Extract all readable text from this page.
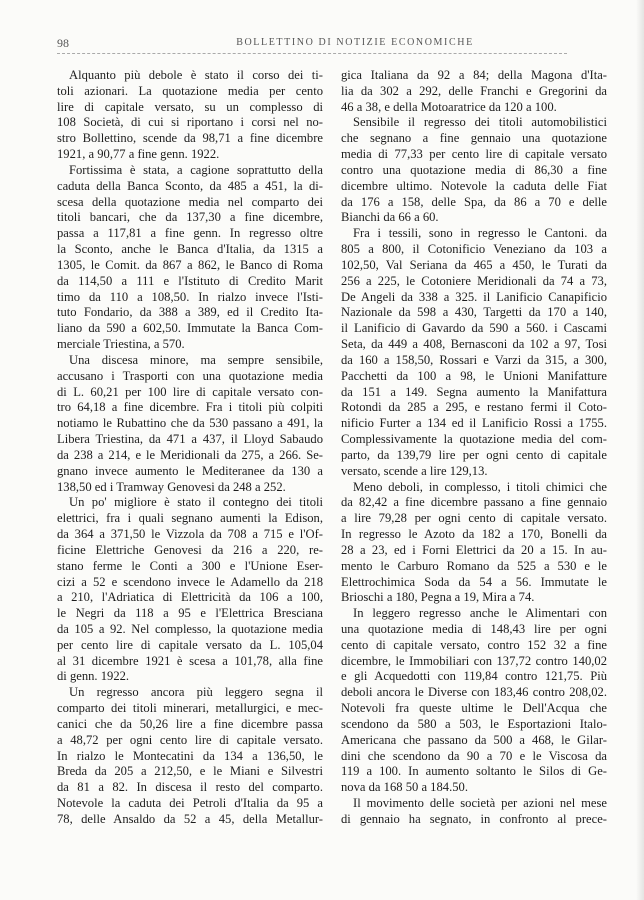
98	BOLLETTINO DI NOTIZIE ECONOMICHE
Alquanto più debole è stato il corso dei ti-
toli azionari. La quotazione media per cento
lire di capitale versato, su un complesso di
108 Società, di cui si riportano i corsi nel no-
stro Bollettino, scende da 98,71 a fine dicembre
1921, a 90,77 a fine genn. 1922.
Fortissima è stata, a cagione soprattutto della
caduta della Banca Sconto, da 485 a 451, la di-
scesa della quotazione media nel comparto dei
titoli bancari, che da 137,30 a fine dicembre,
passa a 117,81 a fine genn. In regresso oltre
la Sconto, anche le Banca d'Italia, da 1315 a
1305, le Comit. da 867 a 862, le Banco di Roma
da 114,50 a 111 e l'Istituto di Credito Marit
timo da 110 a 108,50. In rialzo invece l'Isti-
tuto Fondario, da 388 a 389, ed il Credito Ita-
liano da 590 a 602,50. Immutate la Banca Com-
merciale Triestina, a 570.
Una discesa minore, ma sempre sensibile,
accusano i Trasporti con una quotazione media
di L. 60,21 per 100 lire di capitale versato con-
tro 64,18 a fine dicembre. Fra i titoli più colpiti
notiamo le Rubattino che da 530 passano a 491, la
Libera Triestina, da 471 a 437, il Lloyd Sabaudo
da 238 a 214, e le Meridionali da 275, a 266. Se-
gnano invece aumento le Mediteranee da 130 a
138,50 ed i Tramway Genovesi da 248 a 252.
Un po' migliore è stato il contegno dei titoli
elettrici, fra i quali segnano aumenti la Edison,
da 364 a 371,50 le Vizzola da 708 a 715 e l'Of-
ficine Elettriche Genovesi da 216 a 220, re-
stano ferme le Conti a 300 e l'Unione Eser-
cizi a 52 e scendono invece le Adamello da 218
a 210, l'Adriatica di Elettricità da 106 a 100,
le Negri da 118 a 95 e l'Elettrica Bresciana
da 105 a 92. Nel complesso, la quotazione media
per cento lire di capitale versato da L. 105,04
al 31 dicembre 1921 è scesa a 101,78, alla fine
di genn. 1922.
Un regresso ancora più leggero segna il
comparto dei titoli minerari, metallurgici, e mec-
canici che da 50,26 lire a fine dicembre passa
a 48,72 per ogni cento lire di capitale versato.
In rialzo le Montecatini da 134 a 136,50, le
Breda da 205 a 212,50, e le Miani e Silvestri
da 81 a 82. In discesa il resto del comparto.
Notevole la caduta dei Petroli d'Italia da 95 a
78, delle Ansaldo da 52 a 45, della Metallur-
gica Italiana da 92 a 84; della Magona d'Ita-
lia da 302 a 292, delle Franchi e Gregorini da
46 a 38, e della Motoaratrice da 120 a 100.
Sensibile il regresso dei titoli automobilistici
che segnano a fine gennaio una quotazione
media di 77,33 per cento lire di capitale versato
contro una quotazione media di 86,30 a fine
dicembre ultimo. Notevole la caduta delle Fiat
da 176 a 158, delle Spa, da 86 a 70 e delle
Bianchi da 66 a 60.
Fra i tessili, sono in regresso le Cantoni. da
805 a 800, il Cotonificio Veneziano da 103 a
102,50, Val Seriana da 465 a 450, le Turati da
256 a 225, le Cotoniere Meridionali da 74 a 73,
De Angeli da 338 a 325. il Lanificio Canapificio
Nazionale da 598 a 430, Targetti da 170 a 140,
il Lanificio di Gavardo da 590 a 560. i Cascami
Seta, da 449 a 408, Bernasconi da 102 a 97, Tosi
da 160 a 158,50, Rossari e Varzi da 315, a 300,
Pacchetti da 100 a 98, le Unioni Manifatture
da 151 a 149. Segna aumento la Manifattura
Rotondi da 285 a 295, e restano fermi il Coto-
nificio Furter a 134 ed il Lanificio Rossi a 1755.
Complessivamente la quotazione media del com-
parto, da 139,79 lire per ogni cento di capitale
versato, scende a lire 129,13.
Meno deboli, in complesso, i titoli chimici che
da 82,42 a fine dicembre passano a fine gennaio
a lire 79,28 per ogni cento di capitale versato.
In regresso le Azoto da 182 a 170, Bonelli da
28 a 23, ed i Forni Elettrici da 20 a 15. In au-
mento le Carburo Romano da 525 a 530 e le
Elettrochimica Soda da 54 a 56. Immutate le
Brioschi a 180, Pegna a 19, Mira a 74.
In leggero regresso anche le Alimentari con
una quotazione media di 148,43 lire per ogni
cento di capitale versato, contro 152 32 a fine
dicembre, le Immobiliari con 137,72 contro 140,02
e gli Acquedotti con 119,84 contro 121,75. Più
deboli ancora le Diverse con 183,46 contro 208,02.
Notevoli fra queste ultime le Dell'Acqua che
scendono da 580 a 503, le Esportazioni Italo-
Americana che passano da 500 a 468, le Gilar-
dini che scendono da 90 a 70 e le Viscosa da
119 a 100. In aumento soltanto le Silos di Ge-
nova da 168 50 a 184.50.
Il movimento delle società per azioni nel mese
di gennaio ha segnato, in confronto al prece-
